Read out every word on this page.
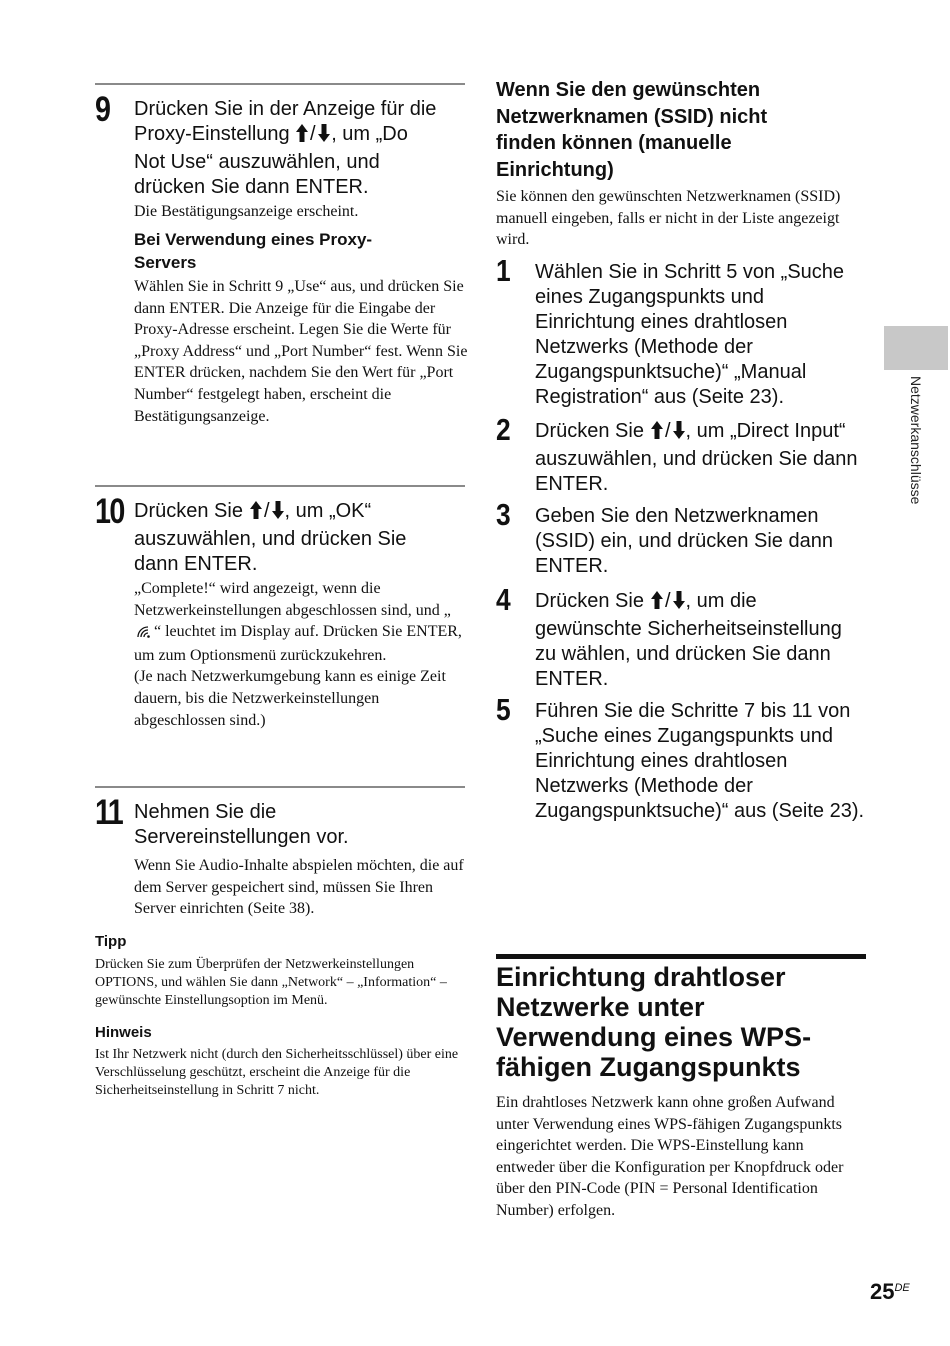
9 Drücken Sie in der Anzeige für die
Proxy-Einstellung / , um „Do
Not Use“ auszuwählen, und
drücken Sie dann ENTER.
Die Bestätigungsanzeige erscheint.
Bei Verwendung eines Proxy-Servers
Wählen Sie in Schritt 9 „Use“ aus, und drücken Sie dann ENTER. Die Anzeige für die Eingabe der Proxy-Adresse erscheint. Legen Sie die Werte für „Proxy Address“ und „Port Number“ fest. Wenn Sie ENTER drücken, nachdem Sie den Wert für „Port Number“ festgelegt haben, erscheint die Bestätigungsanzeige.
10 Drücken Sie / , um „OK“
auszuwählen, und drücken Sie
dann ENTER.
„Complete!“ wird angezeigt, wenn die Netzwerkeinstellungen abgeschlossen sind, und „“ leuchtet im Display auf. Drücken Sie ENTER, um zum Optionsmenü zurückzukehren.
(Je nach Netzwerkumgebung kann es einige Zeit dauern, bis die Netzwerkeinstellungen abgeschlossen sind.)
11 Nehmen Sie die Servereinstellungen vor.
Wenn Sie Audio-Inhalte abspielen möchten, die auf dem Server gespeichert sind, müssen Sie Ihren Server einrichten (Seite 38).
Tipp
Drücken Sie zum Überprüfen der Netzwerkeinstellungen OPTIONS, und wählen Sie dann „Network“ – „Information“ – gewünschte Einstellungsoption im Menü.
Hinweis
Ist Ihr Netzwerk nicht (durch den Sicherheitsschlüssel) über eine Verschlüsselung geschützt, erscheint die Anzeige für die Sicherheitseinstellung in Schritt 7 nicht.
Wenn Sie den gewünschten Netzwerknamen (SSID) nicht finden können (manuelle Einrichtung)
Sie können den gewünschten Netzwerknamen (SSID) manuell eingeben, falls er nicht in der Liste angezeigt wird.
1 Wählen Sie in Schritt 5 von „Suche eines Zugangspunkts und Einrichtung eines drahtlosen Netzwerks (Methode der Zugangspunktsuche)“ „Manual Registration“ aus (Seite 23).
2 Drücken Sie / , um „Direct Input“ auszuwählen, und drücken Sie dann ENTER.
3 Geben Sie den Netzwerknamen (SSID) ein, und drücken Sie dann ENTER.
4 Drücken Sie / , um die gewünschte Sicherheitseinstellung zu wählen, und drücken Sie dann ENTER.
5 Führen Sie die Schritte 7 bis 11 von „Suche eines Zugangspunkts und Einrichtung eines drahtlosen Netzwerks (Methode der Zugangspunktsuche)“ aus (Seite 23).
Einrichtung drahtloser Netzwerke unter Verwendung eines WPS-fähigen Zugangspunkts
Ein drahtloses Netzwerk kann ohne großen Aufwand unter Verwendung eines WPS-fähigen Zugangspunkts eingerichtet werden. Die WPS-Einstellung kann entweder über die Konfiguration per Knopfdruck oder über den PIN-Code (PIN = Personal Identification Number) erfolgen.
Netzwerkanschlüsse
25DE
